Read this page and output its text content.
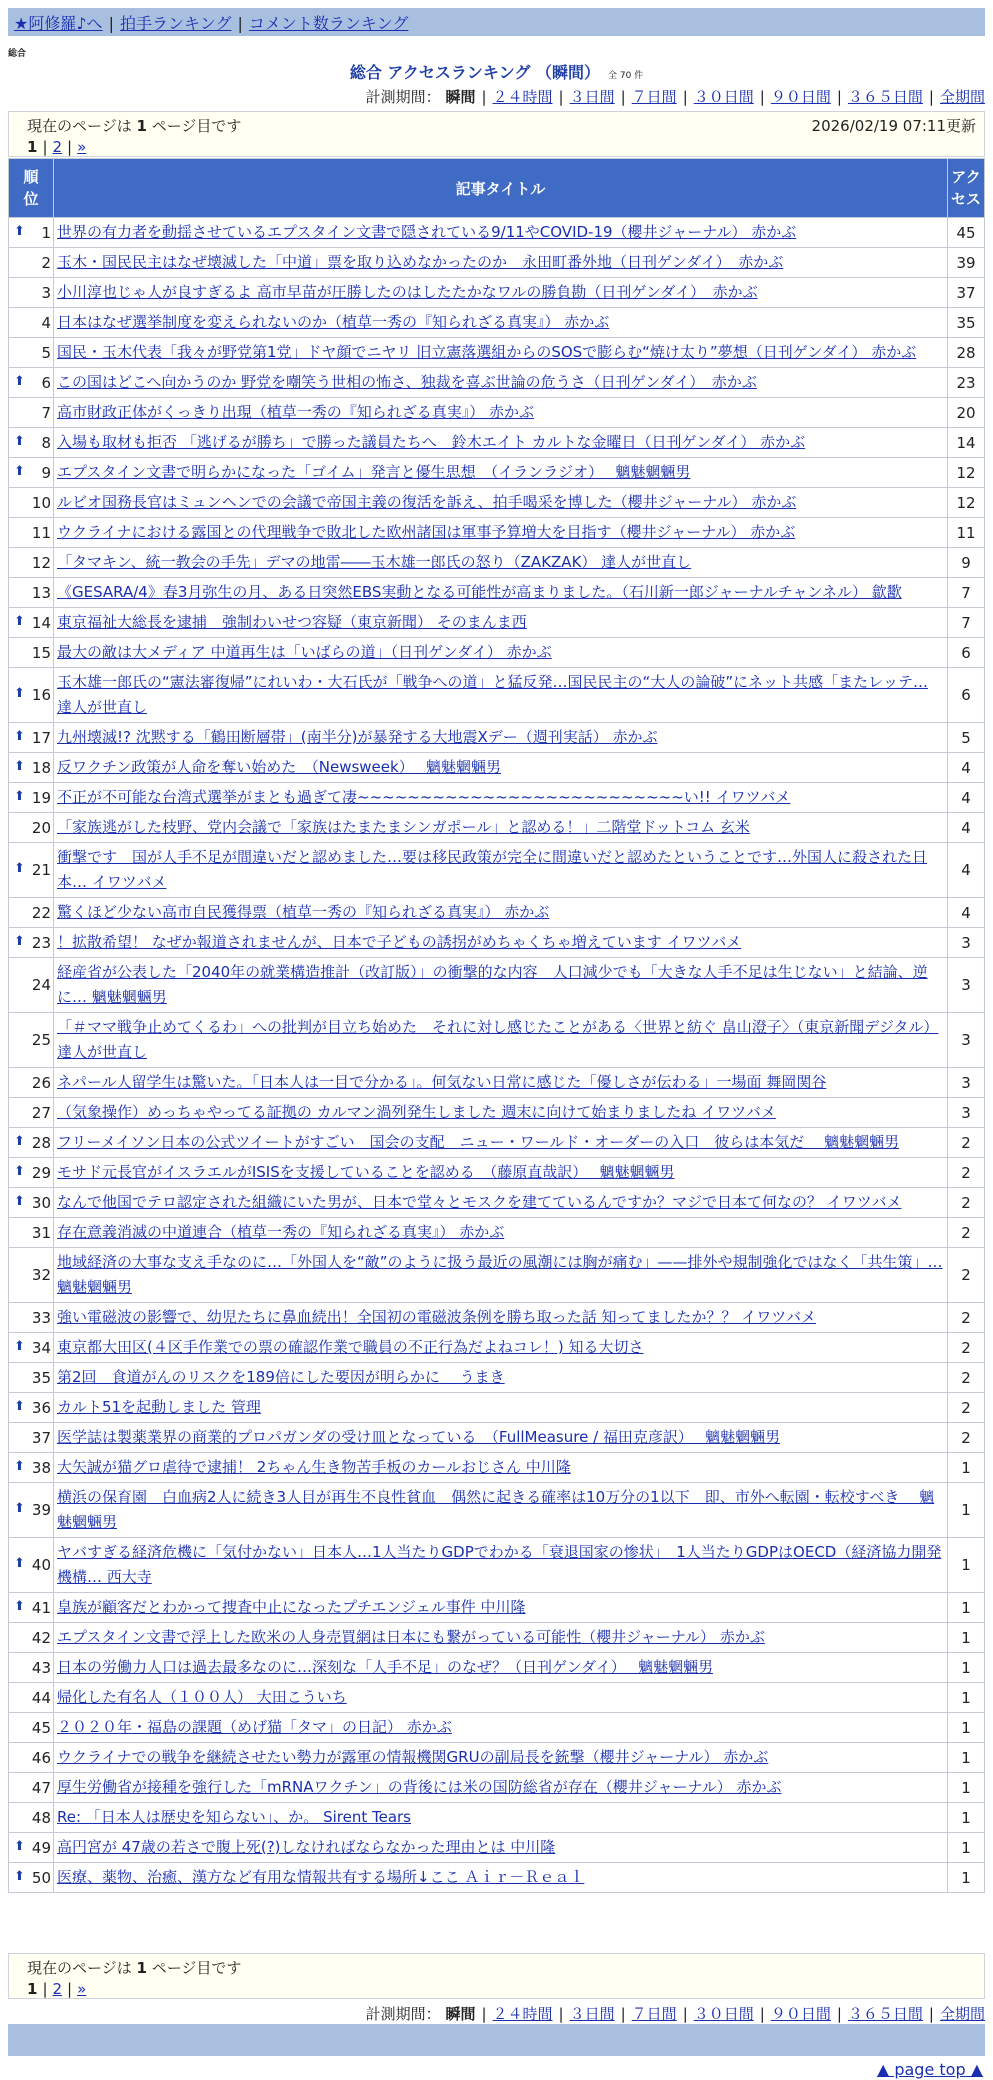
★阿修羅♪へ | 拍手ランキング | コメント数ランキング
総合
総合 アクセスランキング （瞬間） 全 70 件
計測期間： 瞬間 | ２４時間 | ３日間 | ７日間 | ３０日間 | ９０日間 | ３６５日間 | 全期間
現在のページは 1 ページ目です	2026/02/19 07:11更新
1 | 2 | »
順位	記事タイトル	アクセス

⬆ 1	世界の有力者を動揺させているエプスタイン文書で隠されている9/11やCOVID-19（櫻井ジャーナル） 赤かぶ	45
2	玉木・国民民主はなぜ壊滅した「中道」票を取り込めなかったのか　永田町番外地（日刊ゲンダイ）　赤かぶ	39
3	小川淳也じゃ人が良すぎるよ 高市早苗が圧勝したのはしたたかなワルの勝負勘（日刊ゲンダイ）　赤かぶ	37
4	日本はなぜ選挙制度を変えられないのか（植草一秀の『知られざる真実』） 赤かぶ	35
5	国民・玉木代表「我々が野党第1党」ドヤ顔でニヤリ 旧立憲落選組からのSOSで膨らむ“焼け太り”夢想（日刊ゲンダイ） 赤かぶ	28

⬆ 6	この国はどこへ向かうのか 野党を嘲笑う世相の怖さ、独裁を喜ぶ世論の危うさ（日刊ゲンダイ）　赤かぶ	23
7	高市財政正体がくっきり出現（植草一秀の『知られざる真実』） 赤かぶ	20

⬆ 8	入場も取材も拒否 「逃げるが勝ち」で勝った議員たちへ　鈴木エイト カルトな金曜日（日刊ゲンダイ） 赤かぶ	14

⬆ 9	エプスタイン文書で明らかになった「ゴイム」発言と優生思想　（イランラジオ）　 魑魅魍魎男	12
10	ルビオ国務長官はミュンヘンでの会議で帝国主義の復活を訴え、拍手喝采を博した（櫻井ジャーナル） 赤かぶ	12
11	ウクライナにおける露国との代理戦争で敗北した欧州諸国は軍事予算増大を目指す（櫻井ジャーナル） 赤かぶ	11
12	「タマキン、統一教会の手先」デマの地雷――玉木雄一郎氏の怒り（ZAKZAK） 達人が世直し	9
13	《GESARA/4》春3月弥生の月、ある日突然EBS実動となる可能性が高まりました。（石川新一郎ジャーナルチャンネル） 歙歠	7

⬆ 14	東京福祉大総長を逮捕　強制わいせつ容疑（東京新聞） そのまんま西	7
15	最大の敵は大メディア 中道再生は「いばらの道」（日刊ゲンダイ） 赤かぶ	6

⬆ 16	玉木雄一郎氏の“憲法審復帰”にれいわ・大石氏が「戦争への道」と猛反発…国民民主の“大人の論破”にネット共感「またレッテ… 達人が世直し	6

⬆ 17	九州壊滅!? 沈黙する「鶴田断層帯」(南半分)が暴発する大地震Xデー（週刊実話） 赤かぶ	5

⬆ 18	反ワクチン政策が人命を奪い始めた　（Newsweek）　 魑魅魍魎男	4

⬆ 19	不正が不可能な台湾式選挙がまとも過ぎて凄~~~~~~~~~~~~~~~~~~~~~~~~~~い!! イワツバメ	4
20	「家族逃がした枝野、党内会議で「家族はたまたまシンガポール」と認める！」二階堂ドットコム 玄米	4

⬆ 21	衝撃です　国が人手不足が間違いだと認めました…要は移民政策が完全に間違いだと認めたということです…外国人に殺された日本… イワツバメ	4
22	驚くほど少ない高市自民獲得票（植草一秀の『知られざる真実』） 赤かぶ	4

⬆ 23	！拡散希望！ なぜか報道されませんが、日本で子どもの誘拐がめちゃくちゃ増えています イワツバメ	3
24	経産省が公表した「2040年の就業構造推計（改訂版）」の衝撃的な内容　人口減少でも「大きな人手不足は生じない」と結論、逆に… 魑魅魍魎男	3
25	「＃ママ戦争止めてくるわ」への批判が目立ち始めた　それに対し感じたことがある〈世界と紡ぐ 畠山澄子〉（東京新聞デジタル） 達人が世直し	3
26	ネパール人留学生は驚いた。「日本人は一目で分かる」。何気ない日常に感じた「優しさが伝わる」一場面 舞岡関谷	3
27	（気象操作）めっちゃやってる証拠の カルマン渦列発生しました 週末に向けて始まりましたね イワツバメ	3

⬆ 28	フリーメイソン日本の公式ツイートがすごい　国会の支配　ニュー・ワールド・オーダーの入口　彼らは本気だ　 魑魅魍魎男	2

⬆ 29	モサド元長官がイスラエルがISISを支援していることを認める　（藤原直哉訳）　 魑魅魍魎男	2

⬆ 30	なんで他国でテロ認定された組織にいた男が、日本で堂々とモスクを建てているんですか？マジで日本て何なの？ イワツバメ	2
31	存在意義消滅の中道連合（植草一秀の『知られざる真実』） 赤かぶ	2
32	地域経済の大事な支え手なのに…「外国人を“敵”のように扱う最近の風潮には胸が痛む」——排外や規制強化ではなく「共生策」… 魑魅魍魎男	2
33	強い電磁波の影響で、幼児たちに鼻血続出！全国初の電磁波条例を勝ち取った話 知ってましたか？？ イワツバメ	2

⬆ 34	東京都大田区(４区手作業での票の確認作業で職員の不正行為だよねコレ！) 知る大切さ	2
35	第2回　食道がんのリスクを189倍にした要因が明らかに　 うまき	2

⬆ 36	カルト51を起動しました 管理	2
37	医学誌は製薬業界の商業的プロパガンダの受け皿となっている　（FullMeasure / 福田克彦訳）　 魑魅魍魎男	2

⬆ 38	大矢誠が猫グロ虐待で逮捕！ 2ちゃん生き物苦手板のカールおじさん 中川隆	1

⬆ 39	横浜の保育園　白血病2人に続き3人目が再生不良性貧血　偶然に起きる確率は10万分の1以下　即、市外へ転園・転校すべき　 魑魅魍魎男	1

⬆ 40	ヤバすぎる経済危機に「気付かない」日本人…1人当たりGDPでわかる「衰退国家の惨状」　1人当たりGDPはOECD（経済協力開発機構… 西大寺	1

⬆ 41	皇族が顧客だとわかって捜査中止になったプチエンジェル事件 中川隆	1
42	エプスタイン文書で浮上した欧米の人身売買網は日本にも繋がっている可能性（櫻井ジャーナル） 赤かぶ	1
43	日本の労働力人口は過去最多なのに…深刻な「人手不足」のなぜ？（日刊ゲンダイ）　 魑魅魍魎男	1
44	帰化した有名人（１００人） 大田こういち	1
45	２０２０年・福島の課題（めげ猫「タマ」の日記） 赤かぶ	1
46	ウクライナでの戦争を継続させたい勢力が露軍の情報機関GRUの副局長を銃撃（櫻井ジャーナル） 赤かぶ	1
47	厚生労働省が接種を強行した「mRNAワクチン」の背後には米の国防総省が存在（櫻井ジャーナル） 赤かぶ	1
48	Re: 「日本人は歴史を知らない」、か。 Sirent Tears	1

⬆ 49	高円宮が 47歳の若さで腹上死(?)しなければならなかった理由とは 中川隆	1

⬆ 50	医療、薬物、治癒、漢方など有用な情報共有する場所↓ここ Ａｉｒ－Ｒｅａｌ	1
現在のページは 1 ページ目です
1 | 2 | »
計測期間： 瞬間 | ２４時間 | ３日間 | ７日間 | ３０日間 | ９０日間 | ３６５日間 | 全期間
▲ page top ▲
